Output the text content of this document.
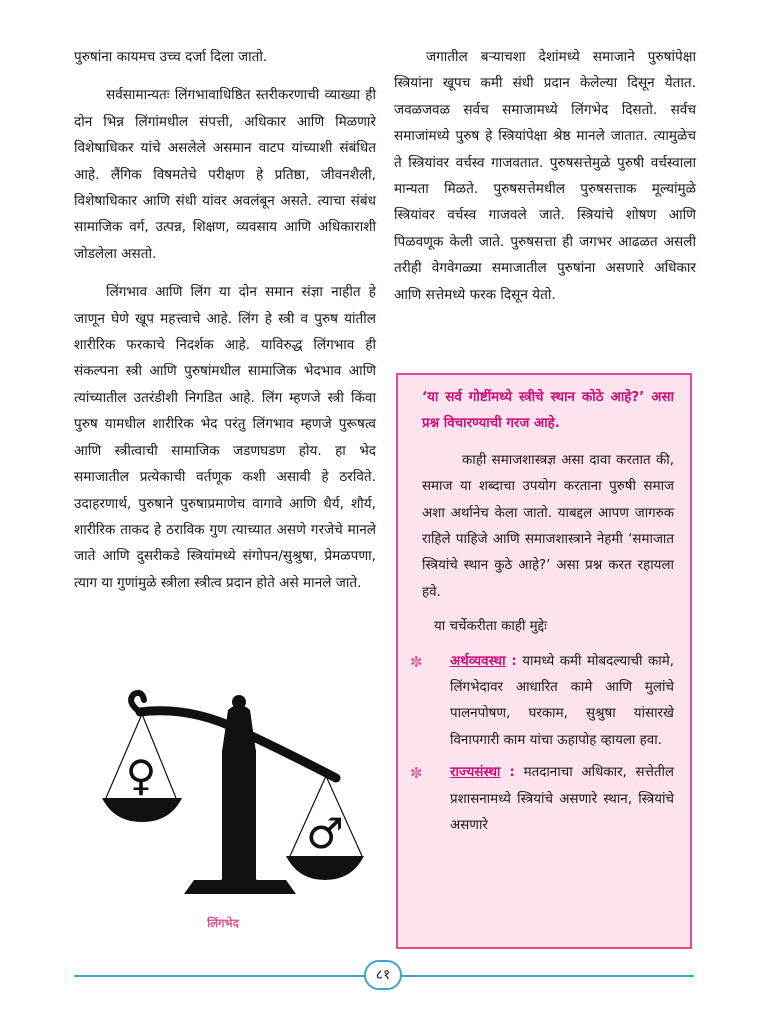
पुरुषांना कायमच उच्च दर्जा दिला जातो.

सर्वसामान्यतः लिंगभावाधिष्ठित स्तरीकरणाची व्याख्या ही दोन भिन्न लिंगांमधील संपत्ती, अधिकार आणि मिळणारे विशेषाधिकर यांचे असलेले असमान वाटप यांच्याशी संबंधित आहे. लैंगिक विषमतेचे परीक्षण हे प्रतिष्ठा, जीवनशैली, विशेषाधिकार आणि संधी यांवर अवलंबून असते. त्याचा संबंध सामाजिक वर्ग, उत्पन्न, शिक्षण, व्यवसाय आणि अधिकाराशी जोडलेला असतो.

लिंगभाव आणि लिंग या दोन समान संज्ञा नाहीत हे जाणून घेणे खूप महत्त्वाचे आहे. लिंग हे स्त्री व पुरुष यांतील शारीरिक फरकाचे निदर्शक आहे. याविरुद्ध लिंगभाव ही संकल्पना स्त्री आणि पुरुषांमधील सामाजिक भेदभाव आणि त्यांच्यातील उतरंडीशी निगडित आहे. लिंग म्हणजे स्त्री किंवा पुरुष यामधील शारीरिक भेद परंतु लिंगभाव म्हणजे पुरूषत्व आणि स्त्रीत्वाची सामाजिक जडणघडण होय. हा भेद समाजातील प्रत्येकाची वर्तणूक कशी असावी हे ठरविते. उदाहरणार्थ, पुरुषाने पुरुषाप्रमाणेच वागावे आणि धैर्य, शौर्य, शारीरिक ताकद हे ठराविक गुण त्याच्यात असणे गरजेचे मानले जाते आणि दुसरीकडे स्त्रियांमध्ये संगोपन/सुश्रुषा, प्रेमळपणा, त्याग या गुणांमुळे स्त्रीला स्त्रीत्व प्रदान होते असे मानले जाते.

जगातील बऱ्याचशा देशांमध्ये समाजाने पुरुषांपेक्षा स्त्रियांना खूपच कमी संधी प्रदान केलेल्या दिसून येतात. जवळजवळ सर्वच समाजामध्ये लिंगभेद दिसतो. सर्वच समाजांमध्ये पुरुष हे स्त्रियांपेक्षा श्रेष्ठ मानले जातात. त्यामुळेच ते स्त्रियांवर वर्चस्व गाजवतात. पुरुषसत्तेमुळे पुरुषी वर्चस्वाला मान्यता मिळते. पुरुषसत्तेमधील पुरुषसत्ताक मूल्यांमुळे स्त्रियांवर वर्चस्व गाजवले जाते. स्त्रियांचे शोषण आणि पिळवणूक केली जाते. पुरुषसत्ता ही जगभर आढळत असली तरीही वेगवेगळ्या समाजातील पुरुषांना असणारे अधिकार आणि सत्तेमध्ये फरक दिसून येतो.

‘या सर्व गोष्टींमध्ये स्त्रीचे स्थान कोठे आहे?’ असा प्रश्न विचारण्याची गरज आहे.

काही समाजशास्त्रज्ञ असा दावा करतात की, समाज या शब्दाचा उपयोग करताना पुरुषी समाज अशा अर्थानेच केला जातो. याबद्दल आपण जागरुक राहिले पाहिजे आणि समाजशास्त्राने नेहमी ‘समाजात स्त्रियांचे स्थान कुठे आहे?’ असा प्रश्न करत रहायला हवे.

या चर्चेकरीता काही मुद्देः

✼ अर्थव्यवस्था : यामध्ये कमी मोबदल्याची कामे, लिंगभेदावर आधारित कामे आणि मुलांचे पालनपोषण, घरकाम, सुश्रुषा यांसारखे विनापगारी काम यांचा ऊहापोह व्हायला हवा.
✼ राज्यसंस्था : मतदानाचा अधिकार, सत्तेतील प्रशासनामध्ये स्त्रियांचे असणारे स्थान, स्त्रियांचे असणारे
♀
♂
लिंगभेद
८१
